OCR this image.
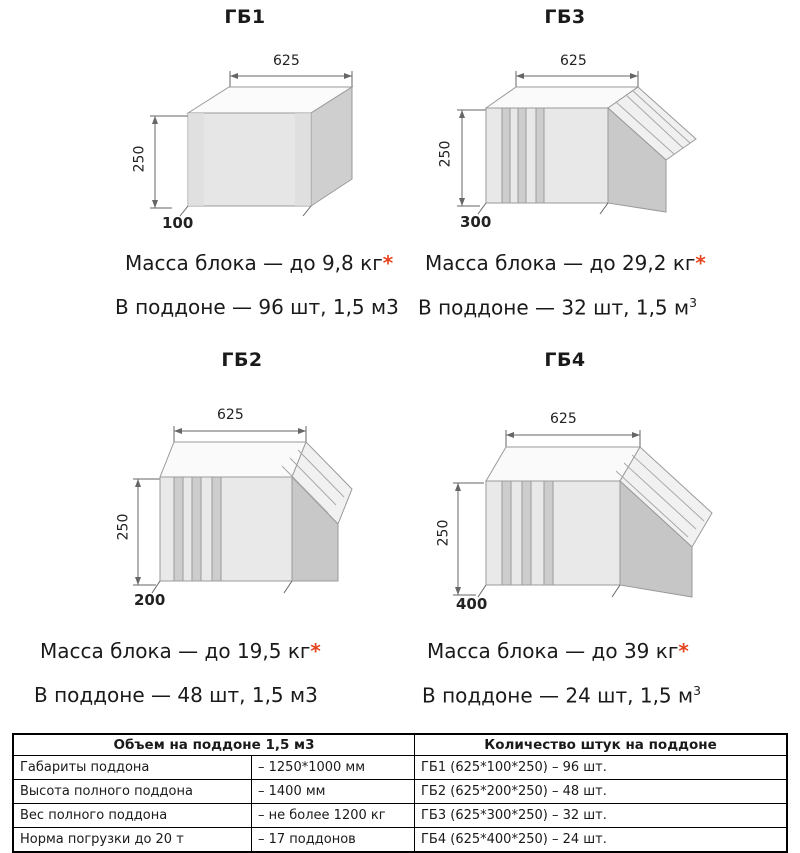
ГБ1
625
250
100
Масса блока — до 9,8 кг*
В поддоне — 96 шт, 1,5 м3
ГБ3
625
250
300
Масса блока — до 29,2 кг*
В поддоне — 32 шт, 1,5 $м^3$
ГБ2
625
250
200
Масса блока — до 19,5 кг*
В поддоне — 48 шт, 1,5 м3
ГБ4
625
250
400
Масса блока — до 39 кг*
В поддоне — 24 шт, 1,5 $м^3$
Объем на поддоне 1,5 м3		Количество штук на поддоне
Габариты поддона	– 1250*1000 мм	ГБ1 (625*100*250) – 96 шт.
Высота полного поддона	– 1400 мм	ГБ2 (625*200*250) – 48 шт.
Вес полного поддона	– не более 1200 кг	ГБ3 (625*300*250) – 32 шт.
Норма погрузки до 20 т	– 17 поддонов	ГБ4 (625*400*250) – 24 шт.
